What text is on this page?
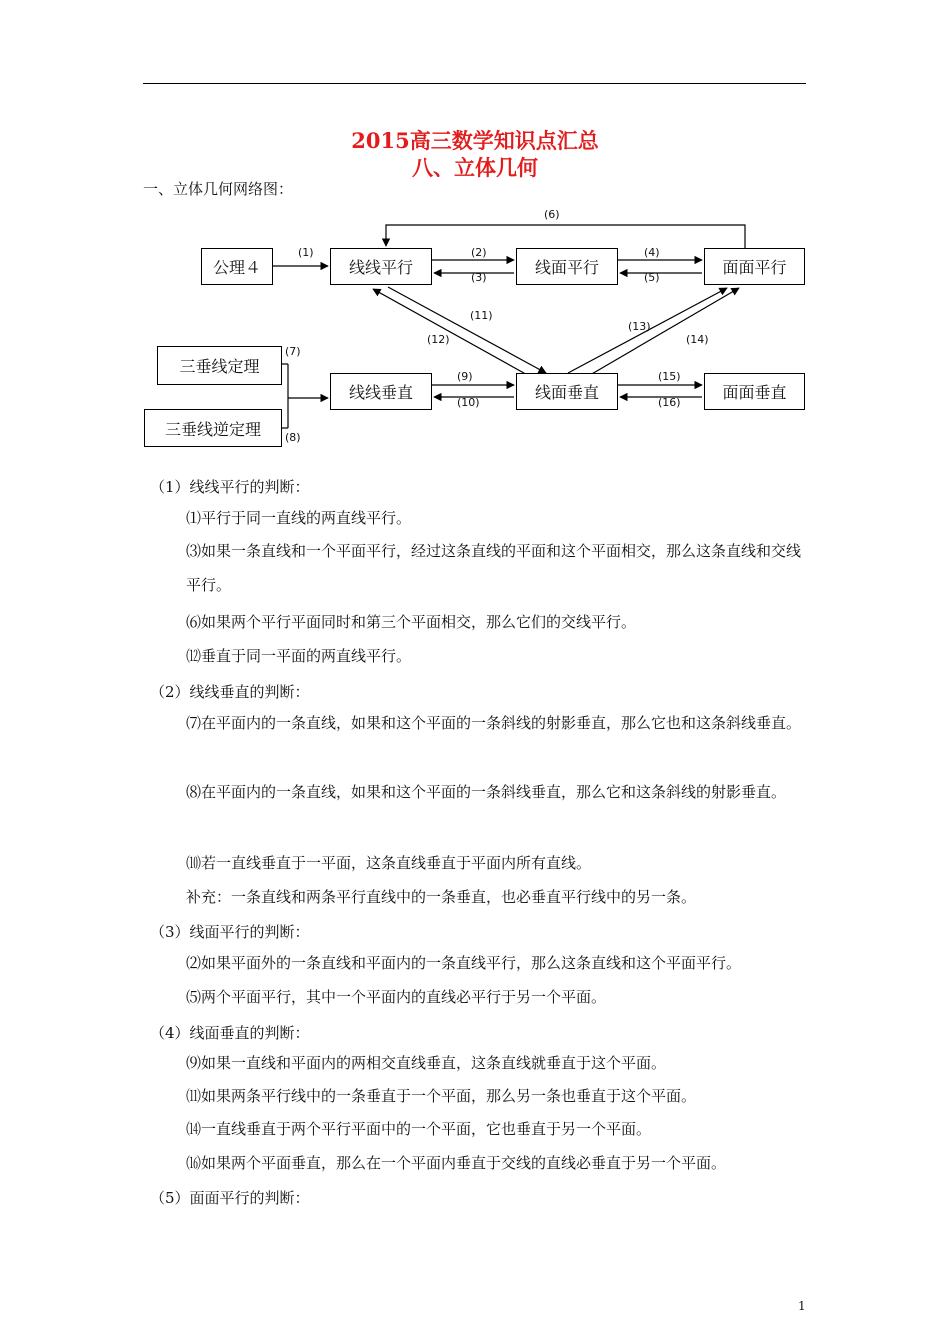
2015高三数学知识点汇总
八、立体几何
一、立体几何网络图：
公理４	线线平行	线面平行	面面平行
三垂线定理
三垂线逆定理
线线垂直	线面垂直	面面垂直
(1)	(2)
(3)
(4)
(5)
(6)
(7)
(8)
(9)
(10)
(11)
(12)
(13)
(14)
(15)
(16)
（1）线线平行的判断：
⑴平行于同一直线的两直线平行。
⑶如果一条直线和一个平面平行，经过这条直线的平面和这个平面相交，那么这条直线和交线平行。
⑹如果两个平行平面同时和第三个平面相交，那么它们的交线平行。
⑿垂直于同一平面的两直线平行。
（2）线线垂直的判断：
⑺在平面内的一条直线，如果和这个平面的一条斜线的射影垂直，那么它也和这条斜线垂直。
⑻在平面内的一条直线，如果和这个平面的一条斜线垂直，那么它和这条斜线的射影垂直。
⑽若一直线垂直于一平面，这条直线垂直于平面内所有直线。
补充：一条直线和两条平行直线中的一条垂直，也必垂直平行线中的另一条。
（3）线面平行的判断：
⑵如果平面外的一条直线和平面内的一条直线平行，那么这条直线和这个平面平行。
⑸两个平面平行，其中一个平面内的直线必平行于另一个平面。
（4）线面垂直的判断：
⑼如果一直线和平面内的两相交直线垂直，这条直线就垂直于这个平面。
⑾如果两条平行线中的一条垂直于一个平面，那么另一条也垂直于这个平面。
⒁一直线垂直于两个平行平面中的一个平面，它也垂直于另一个平面。
⒃如果两个平面垂直，那么在一个平面内垂直于交线的直线必垂直于另一个平面。
（5）面面平行的判断：
1
